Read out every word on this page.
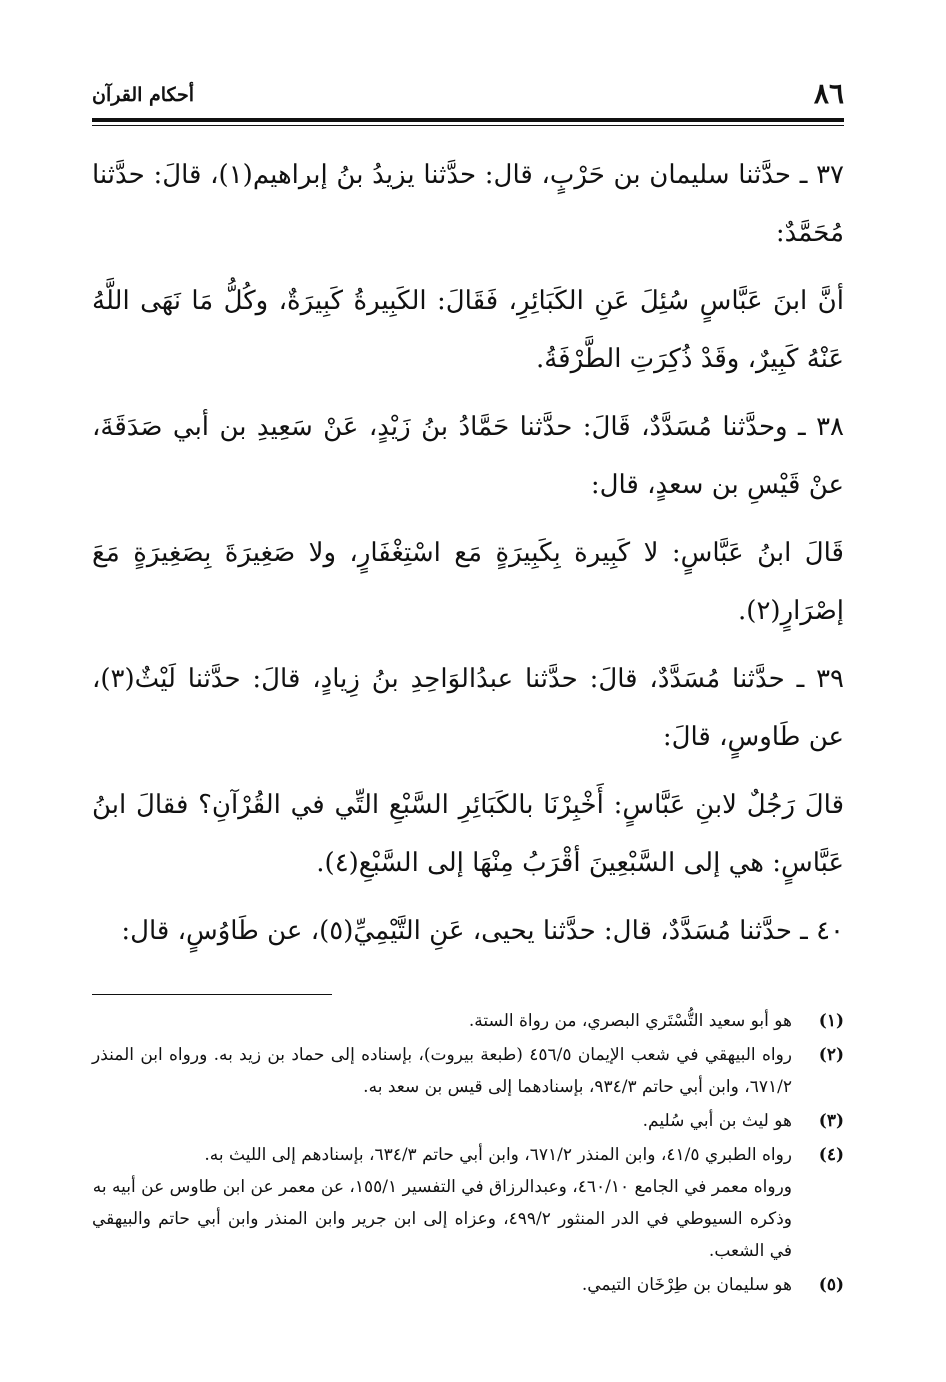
٨٦
أحكام القرآن

٣٧ ـ حدَّثنا سليمان بن حَرْبٍ، قال: حدَّثنا يزيدُ بنُ إبراهيم(١)، قالَ: حدَّثنا مُحَمَّدٌ:

أنَّ ابنَ عَبَّاسٍ سُئِلَ عَنِ الكَبَائِرِ، فَقَالَ: الكَبِيرةُ كَبِيرَةٌ، وكُلُّ مَا نَهَى اللَّهُ عَنْهُ كَبِيرٌ، وقَدْ ذُكِرَتِ الطَّرْفَةُ.

٣٨ ـ وحدَّثنا مُسَدَّدٌ، قَالَ: حدَّثنا حَمَّادُ بنُ زَيْدٍ، عَنْ سَعِيدِ بن أبي صَدَقَةَ، عنْ قَيْسِ بن سعدٍ، قال:

قَالَ ابنُ عَبَّاسٍ: لا كَبِيرة بِكَبِيرَةٍ مَع اسْتِغْفَارٍ، ولا صَغِيرَةَ بِصَغِيرَةٍ مَعَ إصْرَارٍ(٢).

٣٩ ـ حدَّثنا مُسَدَّدٌ، قالَ: حدَّثنا عبدُالوَاحِدِ بنُ زِيادٍ، قالَ: حدَّثنا لَيْثٌ(٣)، عن طَاوسٍ، قالَ:

قالَ رَجُلٌ لابنِ عَبَّاسٍ: أَخْبِرْنَا بالكَبَائِرِ السَّبْعِ التِّي في القُرْآنِ؟ فقالَ ابنُ عَبَّاسٍ: هي إلى السَّبْعِينَ أقْرَبُ مِنْهَا إلى السَّبْعِ(٤).

٤٠ ـ حدَّثنا مُسَدَّدٌ، قال: حدَّثنا يحيى، عَنِ التَّيْمِيِّ(٥)، عن طَاوُسٍ، قال:

(١)
هو أبو سعيد التُّسْتَري البصري، من رواة الستة.
(٢)
رواه البيهقي في شعب الإيمان ٤٥٦/٥ (طبعة بيروت)، بإسناده إلى حماد بن زيد به. ورواه ابن المنذر ٦٧١/٢، وابن أبي حاتم ٩٣٤/٣، بإسنادهما إلى قيس بن سعد به.
(٣)
هو ليث بن أبي سُليم.
(٤)
رواه الطبري ٤١/٥، وابن المنذر ٦٧١/٢، وابن أبي حاتم ٦٣٤/٣، بإسنادهم إلى الليث به.
ورواه معمر في الجامع ٤٦٠/١٠، وعبدالرزاق في التفسير ١٥٥/١، عن معمر عن ابن طاوس عن أبيه به
وذكره السيوطي في الدر المنثور ٤٩٩/٢، وعزاه إلى ابن جرير وابن المنذر وابن أبي حاتم والبيهقي في الشعب.
(٥)
هو سليمان بن طِرْخَان التيمي.
